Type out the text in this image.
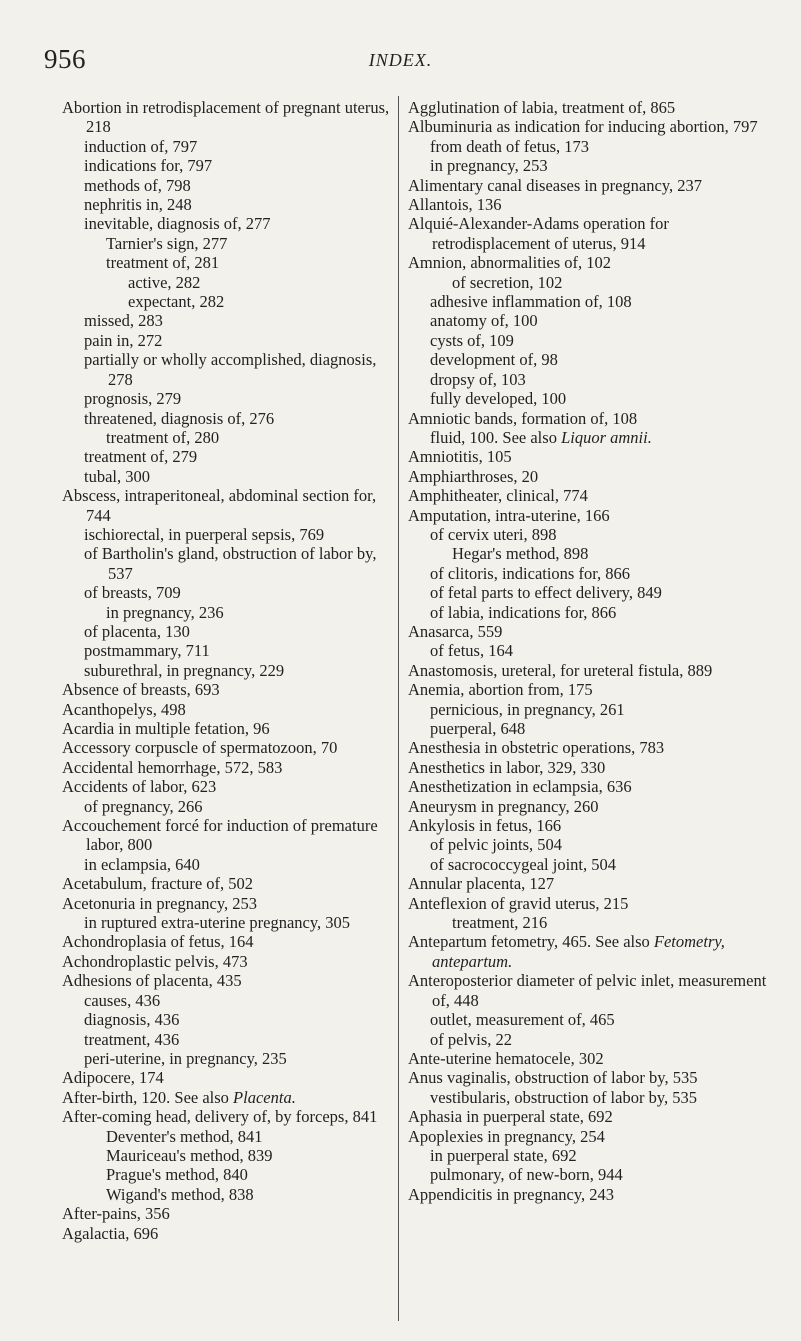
956	INDEX.
Abortion in retrodisplacement of pregnant uterus, 218
induction of, 797
indications for, 797
methods of, 798
nephritis in, 248
inevitable, diagnosis of, 277
Tarnier's sign, 277
treatment of, 281
active, 282
expectant, 282
missed, 283
pain in, 272
partially or wholly accomplished, diagnosis, 278
prognosis, 279
threatened, diagnosis of, 276
treatment of, 280
treatment of, 279
tubal, 300
Abscess, intraperitoneal, abdominal section for, 744
ischiorectal, in puerperal sepsis, 769
of Bartholin's gland, obstruction of labor by, 537
of breasts, 709
in pregnancy, 236
of placenta, 130
postmammary, 711
suburethral, in pregnancy, 229
Absence of breasts, 693
Acanthopelys, 498
Acardia in multiple fetation, 96
Accessory corpuscle of spermatozoon, 70
Accidental hemorrhage, 572, 583
Accidents of labor, 623
of pregnancy, 266
Accouchement forcé for induction of premature labor, 800
in eclampsia, 640
Acetabulum, fracture of, 502
Acetonuria in pregnancy, 253
in ruptured extra-uterine pregnancy, 305
Achondroplasia of fetus, 164
Achondroplastic pelvis, 473
Adhesions of placenta, 435
causes, 436
diagnosis, 436
treatment, 436
peri-uterine, in pregnancy, 235
Adipocere, 174
After-birth, 120. See also Placenta.
After-coming head, delivery of, by forceps, 841
Deventer's method, 841
Mauriceau's method, 839
Prague's method, 840
Wigand's method, 838
After-pains, 356
Agalactia, 696
Agglutination of labia, treatment of, 865
Albuminuria as indication for inducing abortion, 797
from death of fetus, 173
in pregnancy, 253
Alimentary canal diseases in pregnancy, 237
Allantois, 136
Alquié-Alexander-Adams operation for retrodisplacement of uterus, 914
Amnion, abnormalities of, 102
of secretion, 102
adhesive inflammation of, 108
anatomy of, 100
cysts of, 109
development of, 98
dropsy of, 103
fully developed, 100
Amniotic bands, formation of, 108
fluid, 100. See also Liquor amnii.
Amniotitis, 105
Amphiarthroses, 20
Amphitheater, clinical, 774
Amputation, intra-uterine, 166
of cervix uteri, 898
Hegar's method, 898
of clitoris, indications for, 866
of fetal parts to effect delivery, 849
of labia, indications for, 866
Anasarca, 559
of fetus, 164
Anastomosis, ureteral, for ureteral fistula, 889
Anemia, abortion from, 175
pernicious, in pregnancy, 261
puerperal, 648
Anesthesia in obstetric operations, 783
Anesthetics in labor, 329, 330
Anesthetization in eclampsia, 636
Aneurysm in pregnancy, 260
Ankylosis in fetus, 166
of pelvic joints, 504
of sacrococcygeal joint, 504
Annular placenta, 127
Anteflexion of gravid uterus, 215
treatment, 216
Antepartum fetometry, 465. See also Fetometry, antepartum.
Anteroposterior diameter of pelvic inlet, measurement of, 448
outlet, measurement of, 465
of pelvis, 22
Ante-uterine hematocele, 302
Anus vaginalis, obstruction of labor by, 535
vestibularis, obstruction of labor by, 535
Aphasia in puerperal state, 692
Apoplexies in pregnancy, 254
in puerperal state, 692
pulmonary, of new-born, 944
Appendicitis in pregnancy, 243
